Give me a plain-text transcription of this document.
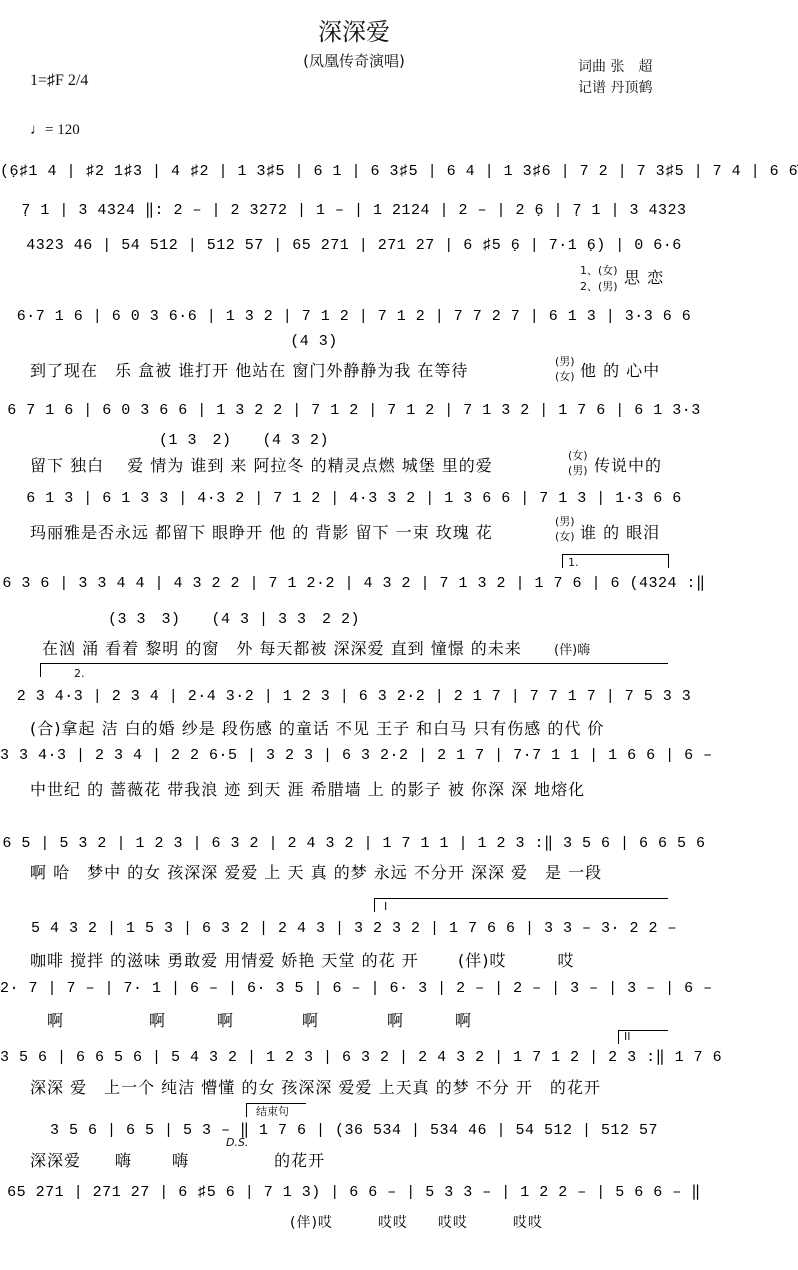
深深爱
(凤凰传奇演唱)	词曲 张　超
记谱 丹顶鹤
1=♯F 2/4
♩= 120
(6̣♯1 4 | ♯2 1♯3 | 4 ♯2 | 1 3♯5 | 6 1 | 6 3♯5 | 6 4 | 1 3♯6 | 7 2 | 7 3♯5 | 7 4 | 6 6̇
7̣ 1 | 3 4324 ‖: 2 – | 2 3272 | 1 – | 1 2124 | 2 – | 2 6̣ | 7̣ 1 | 3 4323
4323 46 | 54 512 | 512 57 | 65 271 | 271 27 | 6 ♯5 6̣ | 7·1 6̣) | 0 6·6
1、(女)
2、(男) 思 恋
6·7 1 6 | 6 0 3 6·6 | 1 3 2 | 7 1 2 | 7 1 2 | 7 7 2 7 | 6 1 3 | 3·3 6 6
(4 3)
到了现在　乐 盒被 谁打开 他站在 窗门外静静为我 在等待	(男)
(女) 他 的 心中
6 7 1 6 | 6 0 3 6 6 | 1 3 2 2 | 7 1 2 | 7 1 2 | 7 1 3 2 | 1 7 6 | 6 1 3·3
(1 3　2)　　(4 3 2)
留下 独白　 爱 情为 谁到 来 阿拉冬 的精灵点燃 城堡 里的爱
(女)
(男) 传说中的
6 1 3 | 6 1 3 3 | 4·3 2 | 7 1 2 | 4·3 3 2 | 1 3 6 6 | 7 1 3 | 1·3 6 6
玛丽雅是否永远 都留下 眼睁开 他 的 背影 留下 一束 玫瑰 花
(男)
(女) 谁 的 眼泪
1.
6 3 6 | 3 3 4 4 | 4 3 2 2 | 7 1 2·2 | 4 3 2 | 7 1 3 2 | 1 7 6 | 6 (4324 :‖
(3 3　3)　　(4 3 | 3 3　2 2)
在汹 涌 看着 黎明 的窗　外 每天都被 深深爱 直到 憧憬 的未来 (伴)嗨
2.
2 3 4·3 | 2 3 4 | 2·4 3·2 | 1 2 3 | 6 3 2·2 | 2 1 7 | 7 7 1 7 | 7 5 3 3
(合)拿起 洁 白的婚 纱是 段伤感 的童话 不见 王子 和白马 只有伤感 的代 价
3 3 4·3 | 2 3 4 | 2 2 6·5 | 3 2 3 | 6 3 2·2 | 2 1 7 | 7·7 1 1 | 1 6 6 | 6 –
中世纪 的 蔷薇花 带我浪 迹 到天 涯 希腊墙 上 的影子 被 你深 深 地熔化
6 5 | 5 3 2 | 1 2 3 | 6 3 2 | 2 4 3 2 | 1 7 1 1 | 1 2 3 :‖ 3 5 6 | 6 6 5 6
啊 哈　梦中 的女 孩深深 爱爱 上 天 真 的梦 永远 不分开 深深 爱　是 一段
I
5 4 3 2 | 1 5 3 | 6 3 2 | 2 4 3 | 3 2 3 2 | 1 7 6 6 | 3 3 – 3· 2 2 –
咖啡 搅拌 的滋味 勇敢爱 用情爱 娇艳 天堂 的花 开 (伴)哎　　　哎
2· 7 | 7 – | 7· 1 | 6 – | 6· 3 5 | 6 – | 6· 3 | 2 – | 2 – | 3 – | 3 – | 6 –
　啊　　　　　啊　　　啊　　　　啊　　　　啊　　　啊
II
3 5 6 | 6 6 5 6 | 5 4 3 2 | 1 2 3 | 6 3 2 | 2 4 3 2 | 1 7 1 2 | 2 3 :‖ 1 7 6
深深 爱　上一个 纯洁 懵懂 的女 孩深深 爱爱 上天真 的梦 不分 开　的花开
结束句
D.S.
3 5 6 | 6 5 | 5 3 – ‖ 1 7 6 | (36 534 | 534 46 | 54 512 | 512 57
深深爱　　嗨　　 嗨　　　　　的花开
65 271 | 271 27 | 6 ♯5 6 | 7 1 3) | 6 6 – | 5 3 3 – | 1 2 2 – | 5 6 6 – ‖
(伴)哎　　　哎哎　　哎哎　　　哎哎
